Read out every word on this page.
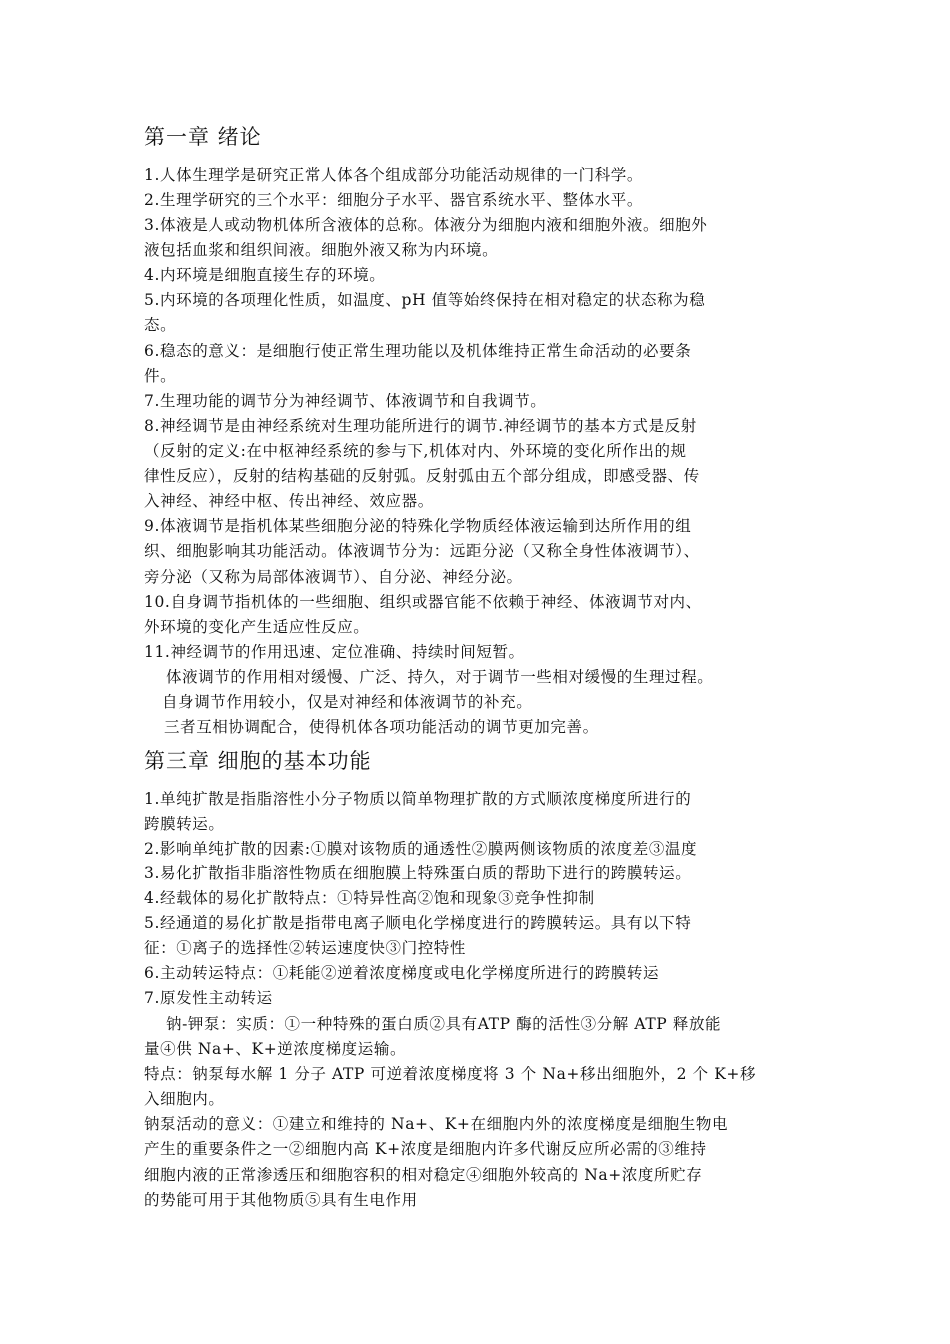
第一章 绪论
1.人体生理学是研究正常人体各个组成部分功能活动规律的一门科学。
2.生理学研究的三个水平：细胞分子水平、器官系统水平、整体水平。
3.体液是人或动物机体所含液体的总称。体液分为细胞内液和细胞外液。细胞外
液包括血浆和组织间液。细胞外液又称为内环境。
4.内环境是细胞直接生存的环境。
5.内环境的各项理化性质，如温度、pH 值等始终保持在相对稳定的状态称为稳
态。
6.稳态的意义：是细胞行使正常生理功能以及机体维持正常生命活动的必要条
件。
7.生理功能的调节分为神经调节、体液调节和自我调节。
8.神经调节是由神经系统对生理功能所进行的调节.神经调节的基本方式是反射
（反射的定义:在中枢神经系统的参与下,机体对内、外环境的变化所作出的规
律性反应），反射的结构基础的反射弧。反射弧由五个部分组成，即感受器、传
入神经、神经中枢、传出神经、效应器。
9.体液调节是指机体某些细胞分泌的特殊化学物质经体液运输到达所作用的组
织、细胞影响其功能活动。体液调节分为：远距分泌（又称全身性体液调节）、
旁分泌（又称为局部体液调节）、自分泌、神经分泌。
10.自身调节指机体的一些细胞、组织或器官能不依赖于神经、体液调节对内、
外环境的变化产生适应性反应。
11.神经调节的作用迅速、定位准确、持续时间短暂。
体液调节的作用相对缓慢、广泛、持久，对于调节一些相对缓慢的生理过程。
自身调节作用较小，仅是对神经和体液调节的补充。
三者互相协调配合，使得机体各项功能活动的调节更加完善。
第三章 细胞的基本功能
1.单纯扩散是指脂溶性小分子物质以简单物理扩散的方式顺浓度梯度所进行的
跨膜转运。
2.影响单纯扩散的因素:①膜对该物质的通透性②膜两侧该物质的浓度差③温度
3.易化扩散指非脂溶性物质在细胞膜上特殊蛋白质的帮助下进行的跨膜转运。
4.经载体的易化扩散特点：①特异性高②饱和现象③竞争性抑制
5.经通道的易化扩散是指带电离子顺电化学梯度进行的跨膜转运。具有以下特
征：①离子的选择性②转运速度快③门控特性
6.主动转运特点：①耗能②逆着浓度梯度或电化学梯度所进行的跨膜转运
7.原发性主动转运
钠-钾泵：实质：①一种特殊的蛋白质②具有ATP 酶的活性③分解 ATP 释放能
量④供 Na+、K+逆浓度梯度运输。
特点：钠泵每水解 1 分子 ATP 可逆着浓度梯度将 3 个 Na+移出细胞外，2 个 K+移
入细胞内。
钠泵活动的意义：①建立和维持的 Na+、K+在细胞内外的浓度梯度是细胞生物电
产生的重要条件之一②细胞内高 K+浓度是细胞内许多代谢反应所必需的③维持
细胞内液的正常渗透压和细胞容积的相对稳定④细胞外较高的 Na+浓度所贮存
的势能可用于其他物质⑤具有生电作用
